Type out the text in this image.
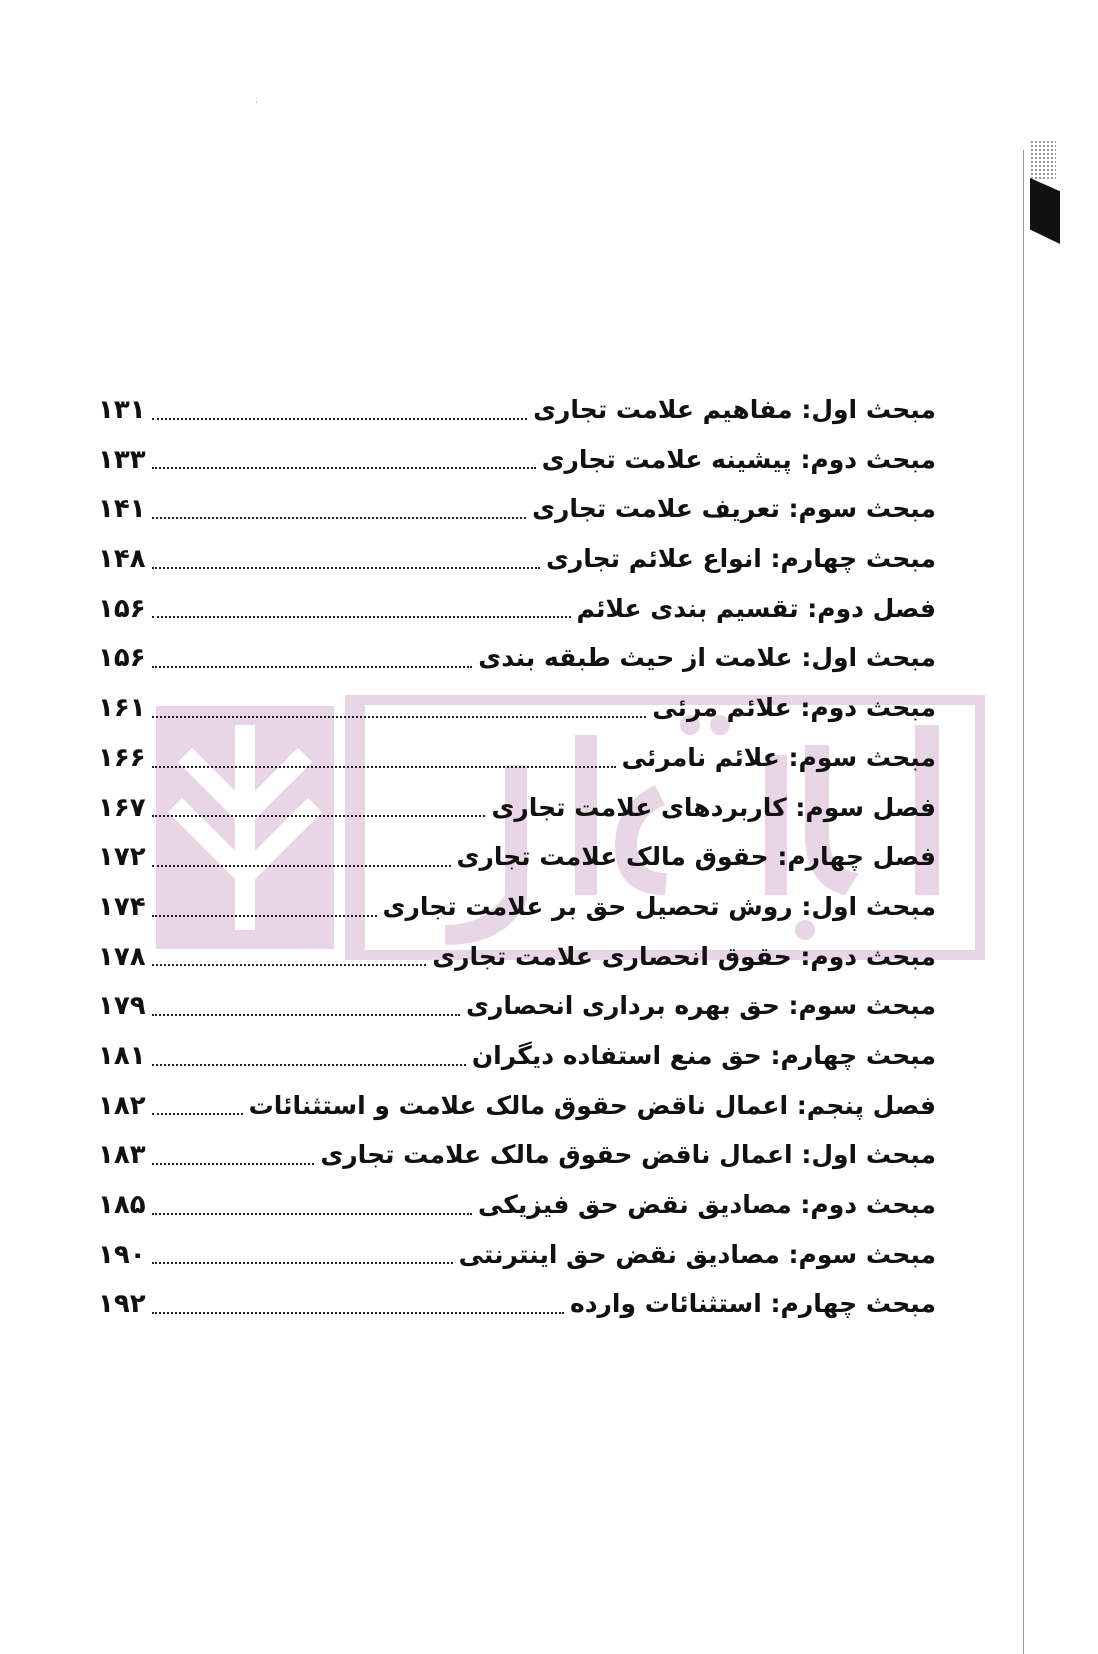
مبحث اول: مفاهیم علامت تجاری
۱۳۱
مبحث دوم: پیشینه علامت تجاری
۱۳۳
مبحث سوم: تعریف علامت تجاری
۱۴۱
مبحث چهارم: انواع علائم تجاری
۱۴۸
فصل دوم: تقسیم بندی علائم
۱۵۶
مبحث اول: علامت از حیث طبقه بندی
۱۵۶
مبحث دوم: علائم مرئی
۱۶۱
مبحث سوم: علائم نامرئی
۱۶۶
فصل سوم: کاربردهای علامت تجاری
۱۶۷
فصل چهارم: حقوق مالک علامت تجاری
۱۷۲
مبحث اول: روش تحصیل حق بر علامت تجاری
۱۷۴
مبحث دوم: حقوق انحصاری علامت تجاری
۱۷۸
مبحث سوم: حق بهره برداری انحصاری
۱۷۹
مبحث چهارم: حق منع استفاده دیگران
۱۸۱
فصل پنجم: اعمال ناقض حقوق مالک علامت و استثنائات
۱۸۲
مبحث اول: اعمال ناقض حقوق مالک علامت تجاری
۱۸۳
مبحث دوم: مصادیق نقض حق فیزیکی
۱۸۵
مبحث سوم: مصادیق نقض حق اینترنتی
۱۹۰
مبحث چهارم: استثنائات وارده
۱۹۲
